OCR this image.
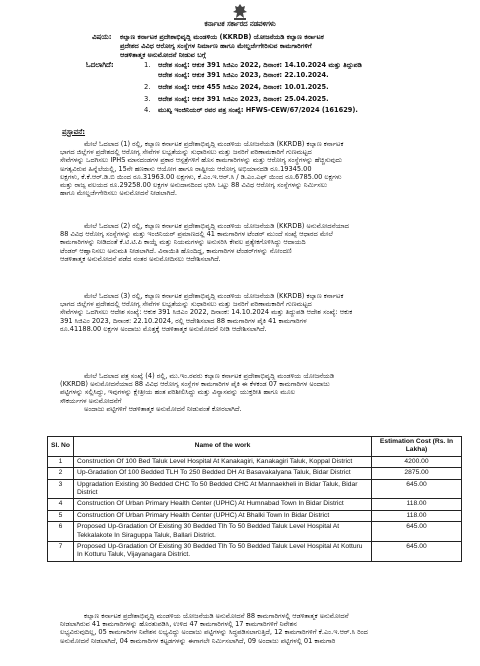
ಕರ್ನಾಟಕ ಸರ್ಕಾರದ ನಡವಳಿಗಳು
ವಿಷಯ: ಕಲ್ಯಾಣ ಕರ್ನಾಟಕ ಪ್ರದೇಶಾಭಿವೃದ್ಧಿ ಮಂಡಳಿಯ (KKRDB) ಯೋಜನೆಯಡಿ ಕಲ್ಯಾಣ ಕರ್ನಾಟಕ
ಪ್ರದೇಶದ ವಿವಿಧ ಆರೋಗ್ಯ ಸಂಸ್ಥೆಗಳ ನಿರ್ಮಾಣ ಹಾಗೂ ಮೇಲ್ದರ್ಜೆಗೇರಿಸುವ ಕಾಮಗಾರಿಗಳಿಗೆ
ಆಡಳಿತಾತ್ಮಕ ಅನುಮೋದನೆ ನೀಡುವ ಬಗ್ಗೆ
ಓದಲಾಗಿದೆ:	1. ಆದೇಶ ಸಂಖ್ಯೆ: ಆಕುಕ 391 ಸಿಜಿಎಂ 2022, ದಿನಾಂಕ: 14.10.2024 ಮತ್ತು ತಿದ್ದುಪಡಿ
ಆದೇಶ ಸಂಖ್ಯೆ: ಆಕುಕ 391 ಸಿಜಿಎಂ 2023, ದಿನಾಂಕ: 22.10.2024.
2. ಆದೇಶ ಸಂಖ್ಯೆ: ಆಕುಕ 455 ಸಿಜಿಎಂ 2024, ದಿನಾಂಕ: 10.01.2025.
3. ಆದೇಶ ಸಂಖ್ಯೆ: ಆಕುಕ 391 ಸಿಜಿಎಂ 2023, ದಿನಾಂಕ: 25.04.2025.
4. ಮುಖ್ಯ ಇಂಜಿನಿಯರ್ ರವರ ಪತ್ರ ಸಂಖ್ಯೆ: HFWS-CEW/67/2024 (161629).
ಪ್ರಸ್ತಾವನೆ:
ಮೇಲೆ ಓದಲಾದ (1) ರಲ್ಲಿ, ಕಲ್ಯಾಣ ಕರ್ನಾಟಕ ಪ್ರದೇಶಾಭಿವೃದ್ಧಿ ಮಂಡಳಿಯ ಯೋಜನೆಯಡಿ (KKRDB) ಕಲ್ಯಾಣ ಕರ್ನಾಟಕ
ಭಾಗದ ಜಿಲ್ಲೆಗಳ ಪ್ರದೇಶದಲ್ಲಿ ಆರೋಗ್ಯ ಸೇವೆಗಳ ಲಭ್ಯತೆಯನ್ನು ಸುಧಾರಿಸಲು ಮತ್ತು ಜನರಿಗೆ ಪರಿಣಾಮಕಾರಿಗೆ ಗುಣಮಟ್ಟದ
ಸೇವೆಗಳನ್ನು ಒದಗಿಸಲು IPHS ಮಾನದಂಡಗಳ ಪ್ರಕಾರ ಆಸ್ಪತ್ರೆಗಳಿಗೆ ಹೊಸ ಕಾಮಗಾರಿಗಳನ್ನು ಮತ್ತು ಆರೋಗ್ಯ ಸಂಸ್ಥೆಗಳನ್ನು ಹೆಚ್ಚಿಸುವುದು
ಅಗತ್ಯವಿರುವ ಹಿನ್ನೆಲೆಯಲ್ಲಿ, 15ನೇ ಹಣಕಾಸು ಆಯೋಗ ಹಾಗೂ ರಾಷ್ಟ್ರೀಯ ಆರೋಗ್ಯ ಅಭಿಯಾನದಡಿ ರೂ.19345.00
ಲಕ್ಷಗಳು, ಕೆ.ಕೆ.ಆರ್.ಡಿ.ಬಿ ಯಿಂದ ರೂ.31963.00 ಲಕ್ಷಗಳು, ಕೆ.ಎಂ.ಇ.ಆರ್.ಸಿ / ಡಿ.ಎಂ.ಎಫ್ ಯಿಂದ ರೂ.6785.00 ಲಕ್ಷಗಳು
ಮತ್ತು ರಾಜ್ಯ ವಲಯದ ರೂ.29258.00 ಲಕ್ಷಗಳ ಅನುದಾನದಿಂದ ಭರಿಸಿ ಒಟ್ಟು 88 ವಿವಿಧ ಆರೋಗ್ಯ ಸಂಸ್ಥೆಗಳನ್ನು ನಿರ್ಮಿಸಲು
ಹಾಗೂ ಮೇಲ್ದರ್ಜೆಗೇರಿಸಲು ಅನುಮೋದನೆ ನೀಡಲಾಗಿದೆ.
ಮೇಲೆ ಓದಲಾದ (2) ರಲ್ಲಿ, ಕಲ್ಯಾಣ ಕರ್ನಾಟಕ ಪ್ರದೇಶಾಭಿವೃದ್ಧಿ ಮಂಡಳಿಯ ಯೋಜನೆಯಡಿ (KKRDB) ಅನುಮೋದನೆಯಾದ
88 ವಿವಿಧ ಆರೋಗ್ಯ ಸಂಸ್ಥೆಗಳನ್ನು ಮತ್ತು ಇಂಜಿನಿಯರ್ ಪ್ರಮಾಣದಲ್ಲಿ 41 ಕಾಮಗಾರಿಗಳ ಟೆಂಡರ್ ಮುಂದೆ ಸಂಖ್ಯೆ ಆಧಾರದ ಮೇಲೆ
ಕಾಮಗಾರಿಗಳನ್ನು ನೀಡಿದಂತೆ ಕೆ.ಟಿ.ಟಿ.ಪಿ ಕಾಯ್ದೆ ಮತ್ತು ನಿಯಮಗಳನ್ನು ಅನುಸರಿಸಿ ಕೇವಲ ಪ್ರತ್ಯೇಕಗೊಳಿಸಿದ್ದು ಆದಾಯದಿ
ಟೆಂಡರ್ ಆಹ್ವಾನಿಸಲು ಅನುಮತಿ ನೀಡಲಾಗಿದೆ. ವಿನಾಯಿತಿ ಹೊಂದಿದ್ದ, ಕಾಮಗಾರಿಗಳ ಟೆಂಡರ್‌ಗಳನ್ನು ನೋಂದಣಿ
ಆಡಳಿತಾತ್ಮಕ ಅನುಮೋದನೆ ಪಡೆದ ನಂತರ ಅನುಮೋದಿಸಲು ಆದೇಶಿಸಲಾಗಿದೆ.
ಮೇಲೆ ಓದಲಾದ (3) ರಲ್ಲಿ, ಕಲ್ಯಾಣ ಕರ್ನಾಟಕ ಪ್ರದೇಶಾಭಿವೃದ್ಧಿ ಮಂಡಳಿಯ ಯೋಜನೆಯಡಿ (KKRDB) ಕಲ್ಯಾಣ ಕರ್ನಾಟಕ
ಭಾಗದ ಜಿಲ್ಲೆಗಳ ಪ್ರದೇಶದಲ್ಲಿ ಆರೋಗ್ಯ ಸೇವೆಗಳ ಲಭ್ಯತೆಯನ್ನು ಸುಧಾರಿಸಲು ಮತ್ತು ಜನರಿಗೆ ಪರಿಣಾಮಕಾರಿಗೆ ಗುಣಮಟ್ಟದ
ಸೇವೆಗಳನ್ನು ಒದಗಿಸಲು ಆದೇಶ ಸಂಖ್ಯೆ: ಆಕುಕ 391 ಸಿಜಿಎಂ 2022, ದಿನಾಂಕ: 14.10.2024 ಮತ್ತು ತಿದ್ದುಪಡಿ ಆದೇಶ ಸಂಖ್ಯೆ: ಆಕುಕ
391 ಸಿಜಿಎಂ 2023, ದಿನಾಂಕ: 22.10.2024, ರಲ್ಲಿ ಆದೇಶಿಸಲಾದ 88 ಕಾಮಗಾರಿಗಳ ಪೈಕಿ 41 ಕಾಮಗಾರಿಗಳ
ರೂ.41188.00 ಲಕ್ಷಗಳ ಅಂದಾಜು ಮೊತ್ತಕ್ಕೆ ಆಡಳಿತಾತ್ಮಕ ಅನುಮೋದನೆ ನೀಡಿ ಆದೇಶಿಸಲಾಗಿದೆ.
ಮೇಲೆ ಓದಲಾದ ಪತ್ರ ಸಂಖ್ಯೆ (4) ರಲ್ಲಿ, ಮು.ಇಂ.ರವರು ಕಲ್ಯಾಣ ಕರ್ನಾಟಕ ಪ್ರದೇಶಾಭಿವೃದ್ಧಿ ಮಂಡಳಿಯ ಯೋಜನೆಯಡಿ
(KKRDB) ಅನುಮೋದನೆಯಾದ 88 ವಿವಿಧ ಆರೋಗ್ಯ ಸಂಸ್ಥೆಗಳ ಕಾಮಗಾರಿಗಳ ಪೈಕಿ ಈ ಕೆಳಕಂಡ 07 ಕಾಮಗಾರಿಗಳ ಅಂದಾಜು
ಪಟ್ಟಿಗಳನ್ನು ಸಲ್ಲಿಸಿದ್ದು, ಇವುಗಳನ್ನು ಕ್ಷೇತ್ರೀಯ ಹಂತ ಪರಿಶೀಲಿಸಿದ್ದು ಮತ್ತು ವಿನ್ಯಾಸವನ್ನು ಯುಕ್ತರೀತಿ ಹಾಗೂ ಮೂಲ
ಸೌಕರ್ಯಗಳ ಅನುಮೋದನೆಗೆ
ಅಂದಾಜು ಪಟ್ಟಿಗಳಿಗೆ ಆಡಳಿತಾತ್ಮಕ ಅನುಮೋದನೆ ನೀಡುವಂತೆ ಕೋರಲಾಗಿದೆ.
Sl. No	Name of the work	Estimation Cost (Rs. In Lakha)
1	Construction Of 100 Bed Taluk Level Hospital At Kanakagiri, Kanakagiri Taluk, Koppal District	4200.00
2	Up-Gradation Of 100 Bedded TLH To 250 Bedded DH At Basavakalyana Taluk, Bidar District	2875.00
3	Upgradation Existing 30 Bedded CHC To 50 Bedded CHC At Mannaekheli in Bidar Taluk, Bidar District	645.00
4	Construction Of Urban Primary Health Center (UPHC) At Humnabad Town In Bidar District	118.00
5	Construction Of Urban Primary Health Center (UPHC) At Bhalki Town In Bidar District	118.00
6	Proposed Up-Gradation Of Existing 30 Bedded Tlh To 50 Bedded Taluk Level Hospital At Tekkalakote In Siraguppa Taluk, Ballari District.	645.00
7	Proposed Up-Gradation Of Existing 30 Bedded Tlh To 50 Bedded Taluk Level Hospital At Kotturu In Kotturu Taluk, Vijayanagara District.	645.00
ಕಲ್ಯಾಣ ಕರ್ನಾಟಕ ಪ್ರದೇಶಾಭಿವೃದ್ಧಿ ಮಂಡಳಿಯ ಯೋಜನೆಯಡಿ ಅನುಮೋದನೆ 88 ಕಾಮಗಾರಿಗಳಲ್ಲಿ ಆಡಳಿತಾತ್ಮಕ ಅನುಮೋದನೆ
ನೀಡಲಾಗಿರುವ 41 ಕಾಮಗಾರಿಗಳನ್ನು ಹೊರತುಪಡಿಸಿ, ಉಳಿದ 47 ಕಾಮಗಾರಿಗಳಲ್ಲಿ 17 ಕಾಮಗಾರಿಗಳಿಗೆ ನಿವೇಶನ
ಲಭ್ಯವಿರುವುದಿಲ್ಲ, 05 ಕಾಮಗಾರಿಗಳ ನಿವೇಶನ ಲಭ್ಯವಿದ್ದು ಅಂದಾಜು ಪಟ್ಟಿಗಳನ್ನು ಸಿದ್ಧಪಡಿಸಲಾಗುತ್ತಿದೆ, 12 ಕಾಮಗಾರಿಗಳಿಗೆ ಕೆ.ಎಂ.ಇ.ಆರ್.ಸಿ ರಿಂದ
ಅನುಮೋದನೆ ನೀಡಲಾಗಿದೆ, 04 ಕಾಮಗಾರಿಗಳ ಕಟ್ಟಡಗಳನ್ನು ಈಗಾಗಲೇ ನಿರ್ಮಿಸಲಾಗಿದೆ, 09 ಅಂದಾಜು ಪಟ್ಟಿಗಳಲ್ಲಿ 01 ಕಾಮಗಾರಿ
